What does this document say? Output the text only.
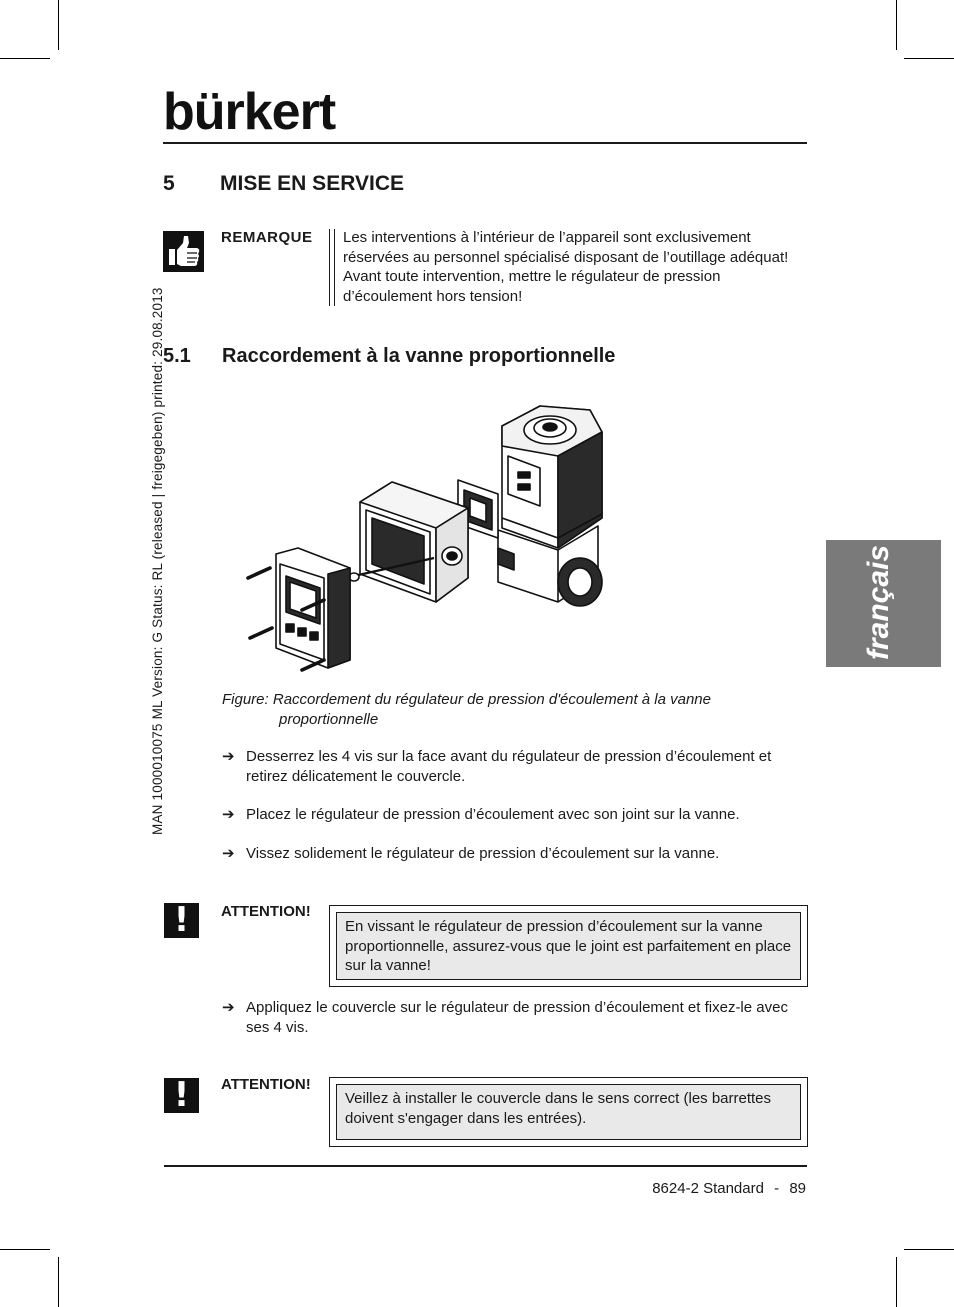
bürkert
MAN 1000010075 ML Version: G Status: RL (released | freigegeben) printed: 29.08.2013	français
5 MISE EN SERVICE
REMARQUE Les interventions à l’intérieur de l’appareil sont exclusivement réservées au personnel spécialisé disposant de l’outillage adéquat! Avant toute intervention, mettre le régulateur de pression d’écoulement hors tension!
5.1 Raccordement à la vanne proportionnelle
Figure: Raccordement du régulateur de pression d'écoulement à la vanne
proportionnelle
➔ Desserrez les 4 vis sur la face avant du régulateur de pression d’écoulement et retirez délicatement le couvercle.
➔ Placez le régulateur de pression d’écoulement avec son joint sur la vanne.
➔ Vissez solidement le régulateur de pression d’écoulement sur la vanne.
!	ATTENTION!
En vissant le régulateur de pression d’écoulement sur la vanne proportionnelle, assurez-vous que le joint est parfaitement en place sur la vanne!
➔ Appliquez le couvercle sur le régulateur de pression d’écoulement et fixez-le avec ses 4 vis.
!	ATTENTION!
Veillez à installer le couvercle dans le sens correct (les barrettes doivent s'engager dans les entrées).
8624-2 Standard - 89
